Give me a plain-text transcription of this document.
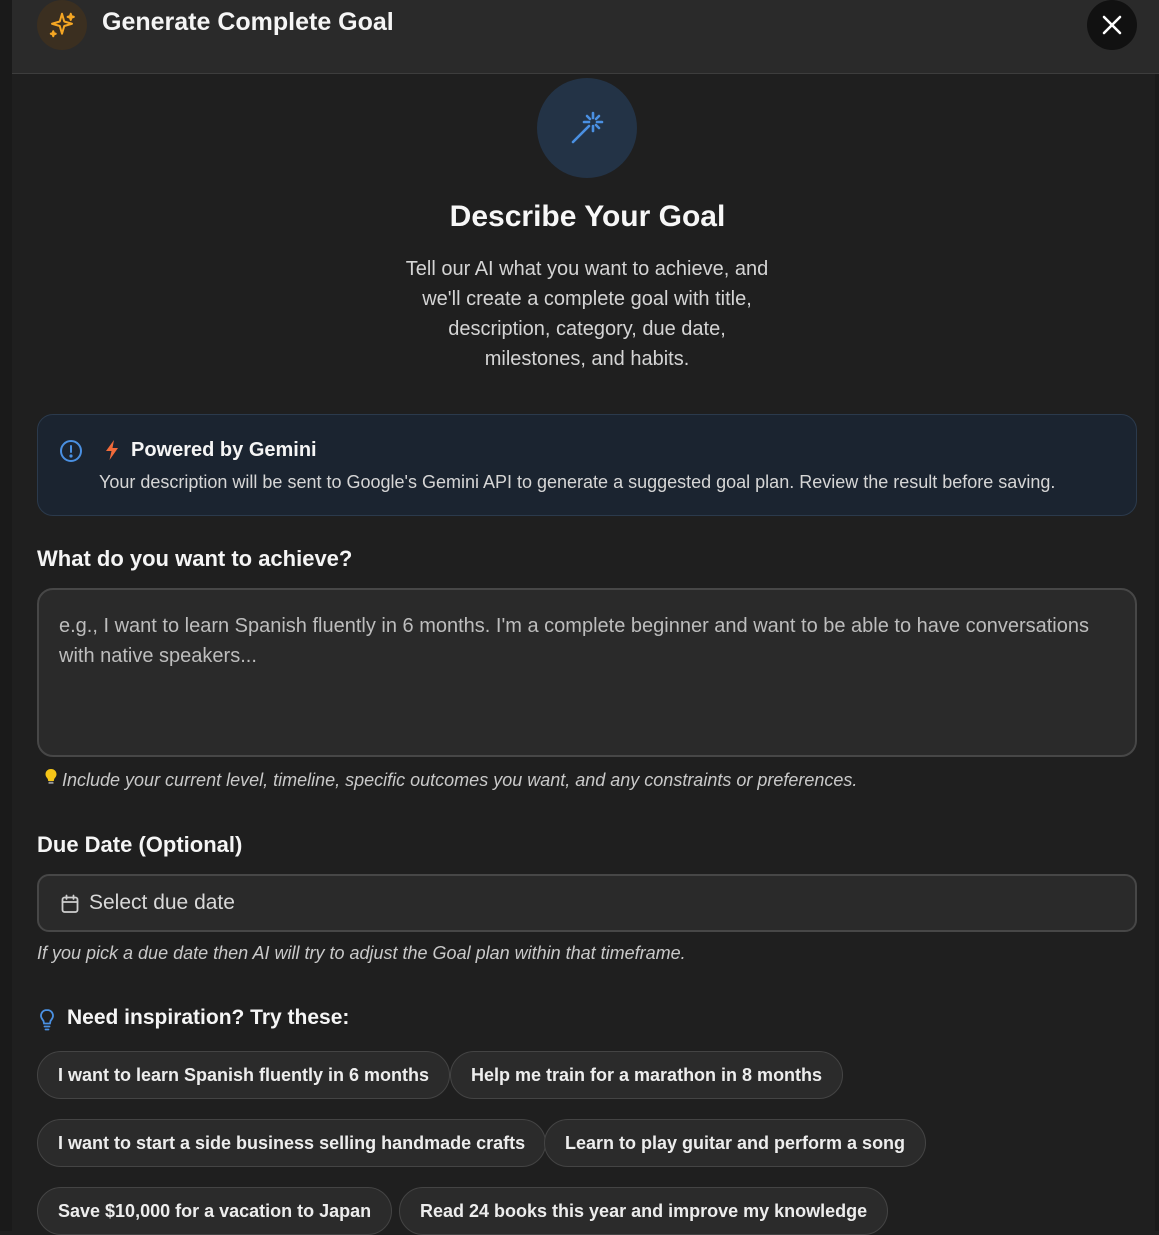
Generate Complete Goal
Describe Your Goal
Tell our AI what you want to achieve, and we'll create a complete goal with title, description, category, due date, milestones, and habits.
Powered by Gemini
Your description will be sent to Google's Gemini API to generate a suggested goal plan. Review the result before saving.
What do you want to achieve?
e.g., I want to learn Spanish fluently in 6 months. I'm a complete beginner and want to be able to have conversations with native speakers...
Include your current level, timeline, specific outcomes you want, and any constraints or preferences.
Due Date (Optional)
Select due date
If you pick a due date then AI will try to adjust the Goal plan within that timeframe.
Need inspiration? Try these:
I want to learn Spanish fluently in 6 months	Help me train for a marathon in 8 months
I want to start a side business selling handmade crafts	Learn to play guitar and perform a song
Save $10,000 for a vacation to Japan	Read 24 books this year and improve my knowledge
